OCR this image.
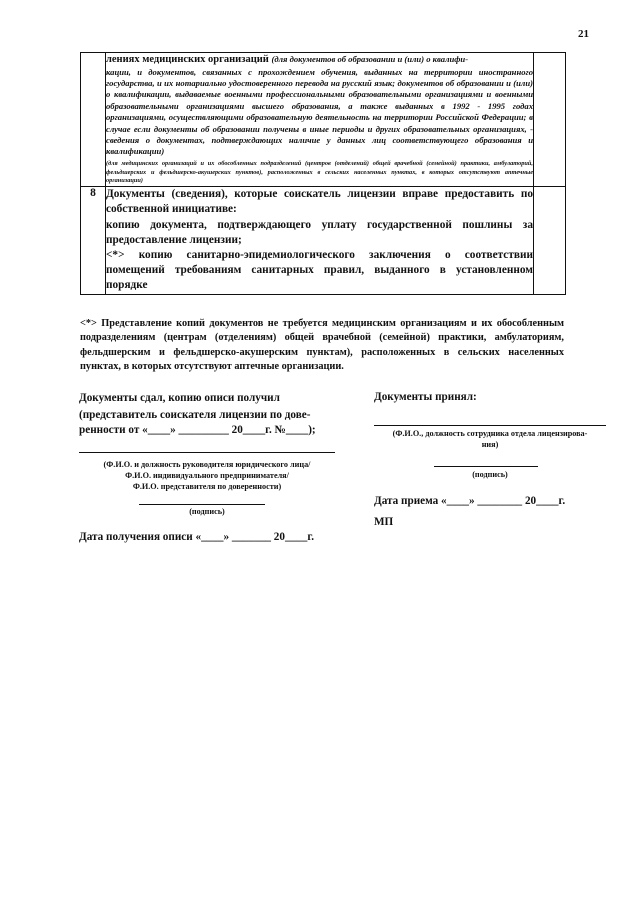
21

	лениях медицинских организаций (для документов об образовании и (или) о квалифи-
кации, и документов, связанных с прохождением обучения, выданных на территории иностранного государства, и их нотариально удостоверенного перевода на русский язык; документов об образовании и (или) о квалификации, выдаваемые военными профессиональными образовательными организациями и военными образовательными организациями высшего образования, а также выданных в 1992 - 1995 годах организациями, осуществляющими образовательную деятельность на территории Российской Федерации; в случае если документы об образовании получены в иные периоды и других образовательных организациях, - сведения о документах, подтверждающих наличие у данных лиц соответствующего образования и квалификации)
(для медицинских организаций и их обособленных подразделений (центров (отделений) общей врачебной (семейной) практики, амбулаторий, фельдшерских и фельдшерско-акушерских пунктов), расположенных в сельских населенных пунктах, в которых отсутствуют аптечные организации)	

8	Документы (сведения), которые соискатель лицензии вправе предоставить по собственной инициативе:

копию документа, подтверждающего уплату государственной пошлины за предоставление лицензии;

<*> копию санитарно-эпидемиологического заключения о соответствии помещений требованиям санитарных правил, выданного в установленном порядке	

<*> Представление копий документов не требуется медицинским организациям и их обособленным подразделениям (центрам (отделениям) общей врачебной (семейной) практики, амбулаториям, фельдшерским и фельдшерско-акушерским пунктам), расположенных в сельских населенных пунктах, в которых отсутствуют аптечные организации.
Документы сдал, копию описи получил
(представитель соискателя лицензии по дове-
ренности от «____» _________ 20____г. №____);
(Ф.И.О. и должность руководителя юридического лица/
Ф.И.О. индивидуального предпринимателя/
Ф.И.О. представителя по доверенности)
(подпись)
Дата получения описи «____» _______ 20____г.
Документы принял:
(Ф.И.О., должность сотрудника отдела лицензирова-
ния)
(подпись)
Дата приема «____» ________ 20____г.
МП
